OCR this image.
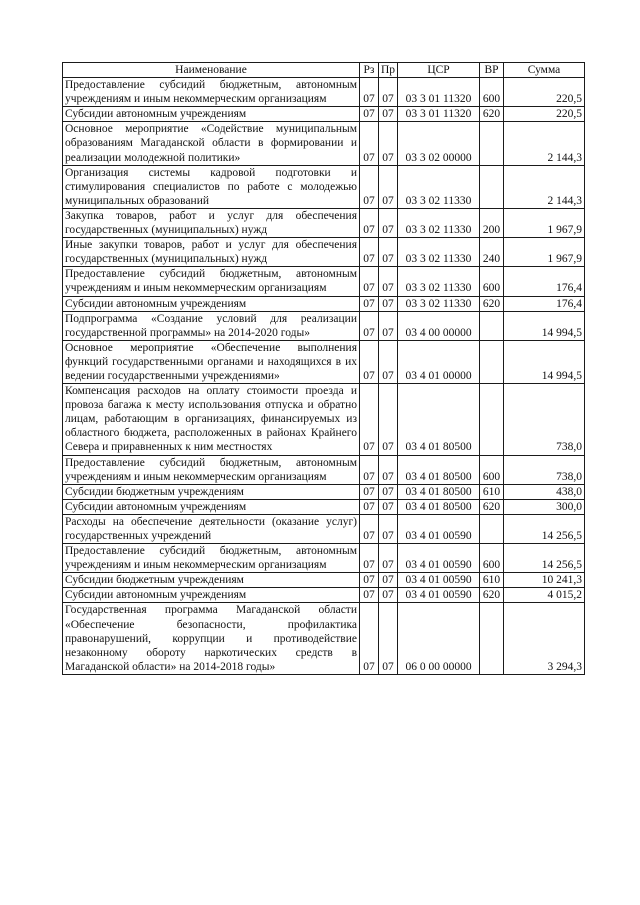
Наименование	Рз	Пр	ЦСР	ВР	Сумма
Предоставление субсидий бюджетным, автономным учреждениям и иным некоммерческим организациям	07	07	03 3 01 11320	600	220,5
Субсидии автономным учреждениям	07	07	03 3 01 11320	620	220,5
Основное мероприятие «Содействие муниципальным образованиям Магаданской области в формировании и реализации молодежной политики»	07	07	03 3 02 00000		2 144,3
Организация системы кадровой подготовки и стимулирования специалистов по работе с молодежью муниципальных образований	07	07	03 3 02 11330		2 144,3
Закупка товаров, работ и услуг для обеспечения государственных (муниципальных) нужд	07	07	03 3 02 11330	200	1 967,9
Иные закупки товаров, работ и услуг для обеспечения государственных (муниципальных) нужд	07	07	03 3 02 11330	240	1 967,9
Предоставление субсидий бюджетным, автономным учреждениям и иным некоммерческим организациям	07	07	03 3 02 11330	600	176,4
Субсидии автономным учреждениям	07	07	03 3 02 11330	620	176,4
Подпрограмма «Создание условий для реализации государственной программы» на 2014-2020 годы»	07	07	03 4 00 00000		14 994,5
Основное мероприятие «Обеспечение выполнения функций государственными органами и находящихся в их ведении государственными учреждениями»	07	07	03 4 01 00000		14 994,5
Компенсация расходов на оплату стоимости проезда и провоза багажа к месту использования отпуска и обратно лицам, работающим в организациях, финансируемых из областного бюджета, расположенных в районах Крайнего Севера и приравненных к ним местностях	07	07	03 4 01 80500		738,0
Предоставление субсидий бюджетным, автономным учреждениям и иным некоммерческим организациям	07	07	03 4 01 80500	600	738,0
Субсидии бюджетным учреждениям	07	07	03 4 01 80500	610	438,0
Субсидии автономным учреждениям	07	07	03 4 01 80500	620	300,0
Расходы на обеспечение деятельности (оказание услуг) государственных учреждений	07	07	03 4 01 00590		14 256,5
Предоставление субсидий бюджетным, автономным учреждениям и иным некоммерческим организациям	07	07	03 4 01 00590	600	14 256,5
Субсидии бюджетным учреждениям	07	07	03 4 01 00590	610	10 241,3
Субсидии автономным учреждениям	07	07	03 4 01 00590	620	4 015,2
Государственная программа Магаданской области «Обеспечение безопасности, профилактика правонарушений, коррупции и противодействие незаконному обороту наркотических средств в Магаданской области» на 2014-2018 годы»	07	07	06 0 00 00000		3 294,3
